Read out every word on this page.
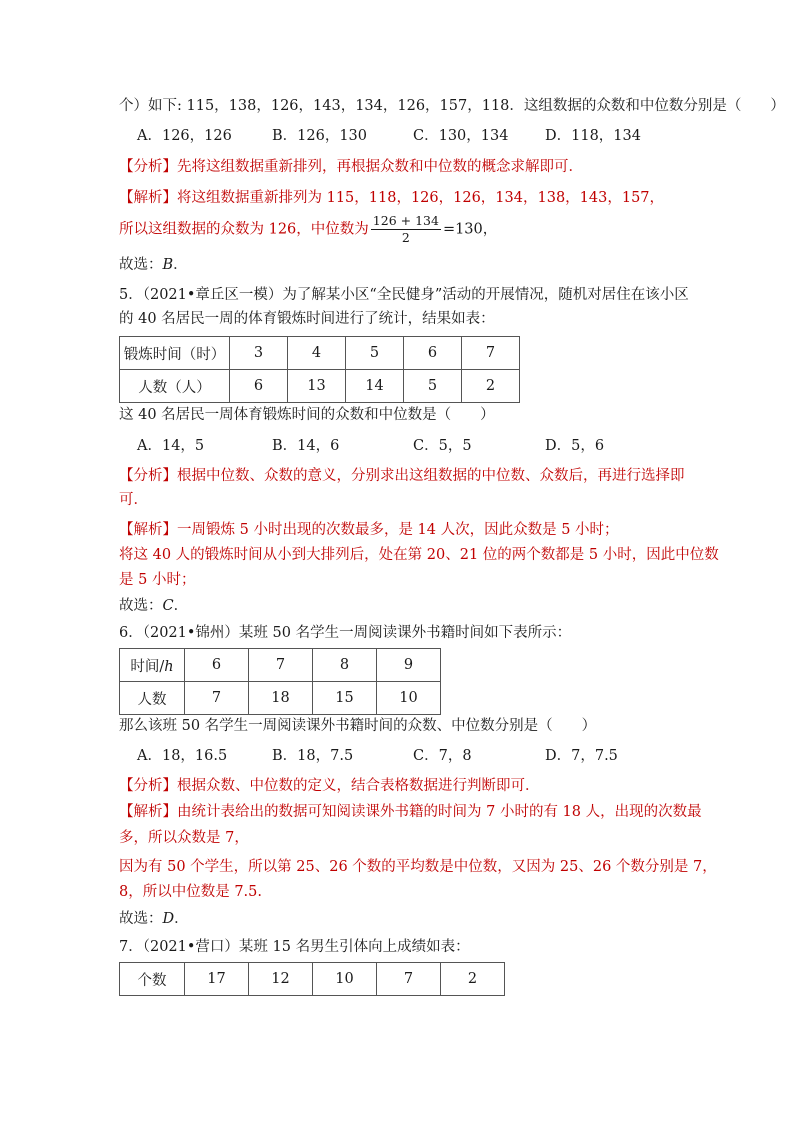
个）如下: 115，138，126，143，134，126，157，118．这组数据的众数和中位数分别是（　　）
A．126，126	B．126，130	C．130，134	D．118，134
【分析】先将这组数据重新排列，再根据众数和中位数的概念求解即可．
【解析】将这组数据重新排列为 115，118，126，126，134，138，143，157，
所以这组数据的众数为 126，中位数为 $\frac{126 + 134}{2} =130$，
故选：B．
5．（2021•章丘区一模）为了解某小区“全民健身”活动的开展情况，随机对居住在该小区
的 40 名居民一周的体育锻炼时间进行了统计，结果如表：
锻炼时间（时）	3	4	5	6	7
人数（人）	6	13	14	5	2
这 40 名居民一周体育锻炼时间的众数和中位数是（　　）
A．14，5	B．14，6	C．5，5	D．5，6
【分析】根据中位数、众数的意义，分别求出这组数据的中位数、众数后，再进行选择即
可．
【解析】一周锻炼 5 小时出现的次数最多，是 14 人次，因此众数是 5 小时；
将这 40 人的锻炼时间从小到大排列后，处在第 20、21 位的两个数都是 5 小时，因此中位数
是 5 小时；
故选：C．
6．（2021•锦州）某班 50 名学生一周阅读课外书籍时间如下表所示：
时间/h	6	7	8	9
人数	7	18	15	10
那么该班 50 名学生一周阅读课外书籍时间的众数、中位数分别是（　　）
A．18，16.5	B．18，7.5	C．7，8	D．7，7.5
【分析】根据众数、中位数的定义，结合表格数据进行判断即可．
【解析】由统计表给出的数据可知阅读课外书籍的时间为 7 小时的有 18 人，出现的次数最
多，所以众数是 7，
因为有 50 个学生，所以第 25、26 个数的平均数是中位数，又因为 25、26 个数分别是 7，
8，所以中位数是 7.5.
故选：D．
7．（2021•营口）某班 15 名男生引体向上成绩如表：
个数	17	12	10	7	2
